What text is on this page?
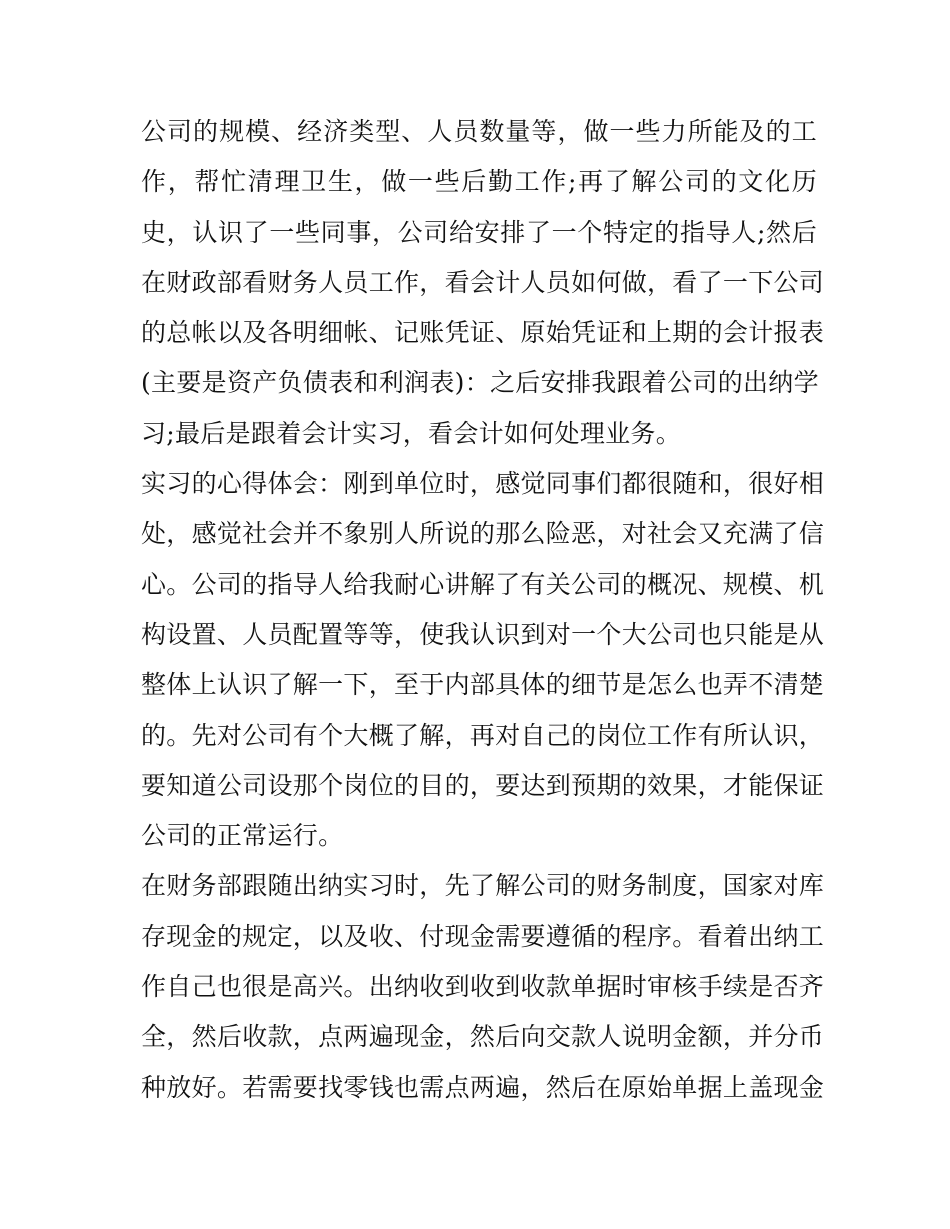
公司的规模、经济类型、人员数量等，做一些力所能及的工
作，帮忙清理卫生，做一些后勤工作;再了解公司的文化历
史，认识了一些同事，公司给安排了一个特定的指导人;然后
在财政部看财务人员工作，看会计人员如何做，看了一下公司
的总帐以及各明细帐、记账凭证、原始凭证和上期的会计报表
(主要是资产负债表和利润表)：之后安排我跟着公司的出纳学
习;最后是跟着会计实习，看会计如何处理业务。
实习的心得体会：刚到单位时，感觉同事们都很随和，很好相
处，感觉社会并不象别人所说的那么险恶，对社会又充满了信
心。公司的指导人给我耐心讲解了有关公司的概况、规模、机
构设置、人员配置等等，使我认识到对一个大公司也只能是从
整体上认识了解一下，至于内部具体的细节是怎么也弄不清楚
的。先对公司有个大概了解，再对自己的岗位工作有所认识，
要知道公司设那个岗位的目的，要达到预期的效果，才能保证
公司的正常运行。
在财务部跟随出纳实习时，先了解公司的财务制度，国家对库
存现金的规定，以及收、付现金需要遵循的程序。看着出纳工
作自己也很是高兴。出纳收到收到收款单据时审核手续是否齐
全，然后收款，点两遍现金，然后向交款人说明金额，并分币
种放好。若需要找零钱也需点两遍，然后在原始单据上盖现金
